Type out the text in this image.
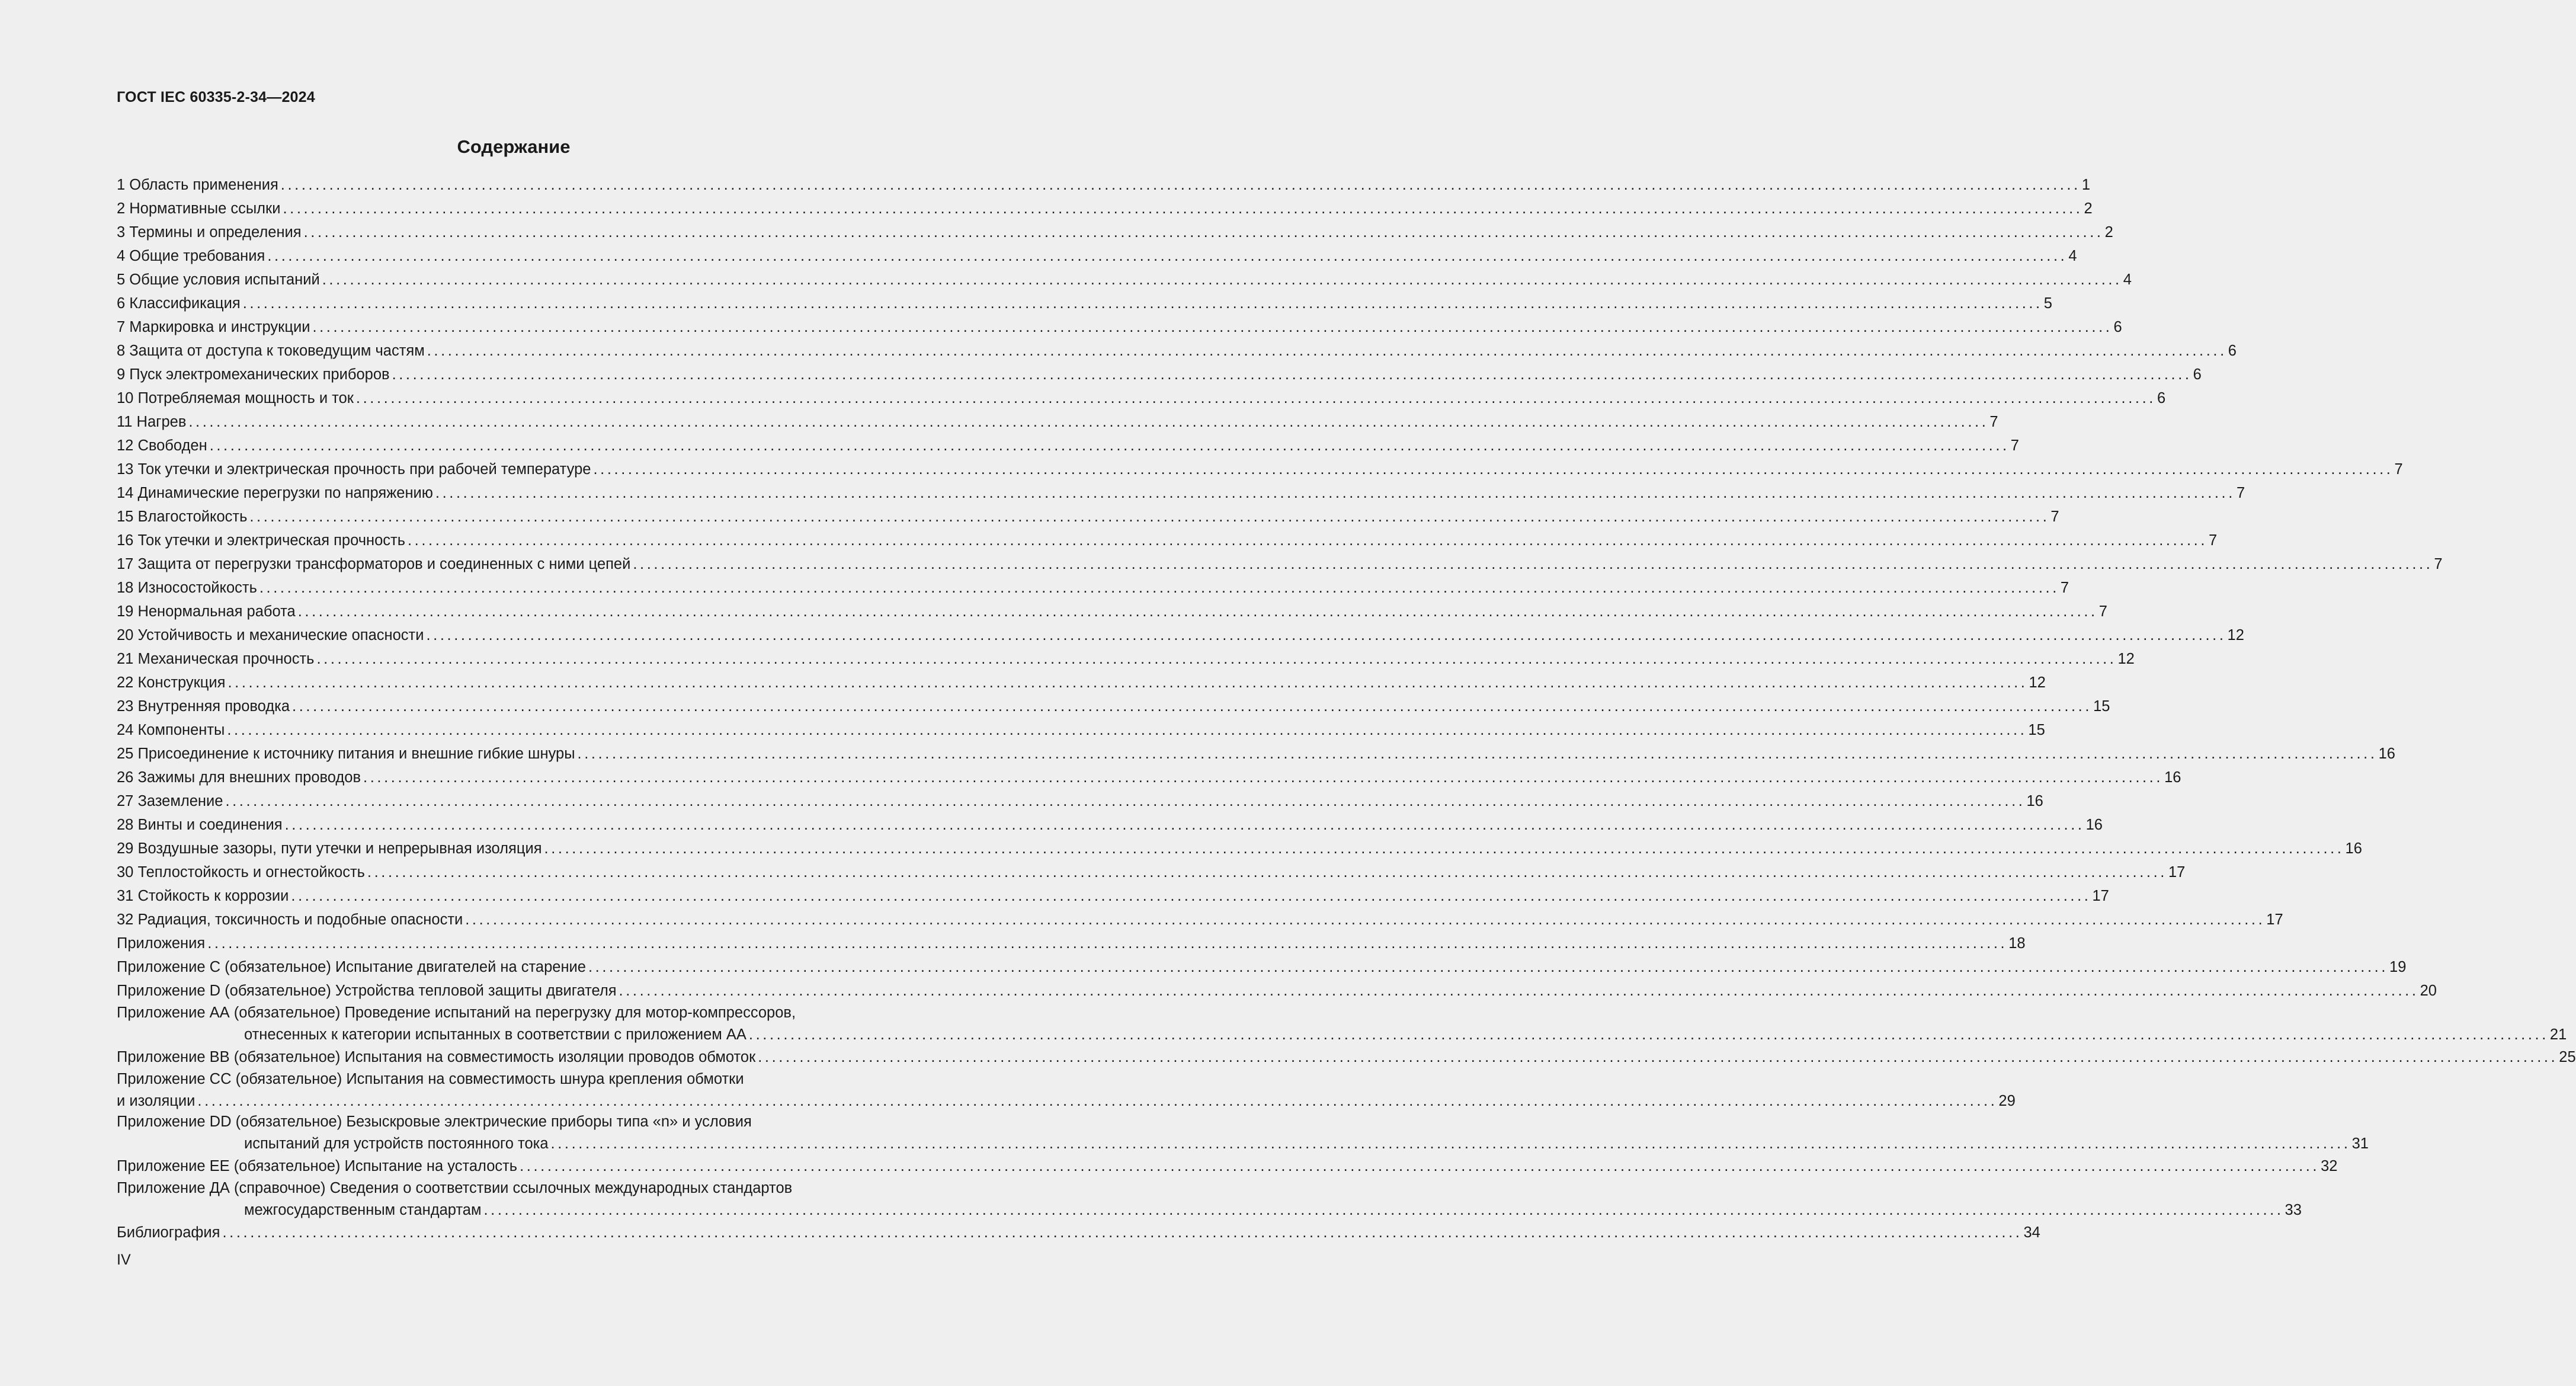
ГОСТ IEC 60335-2-34—2024
Содержание
1 Область применения .................................................................................................................................................................................................................................................................... 1
2 Нормативные ссылки .................................................................................................................................................................................................................................................................... 2
3 Термины и определения .................................................................................................................................................................................................................................................................... 2
4 Общие требования .................................................................................................................................................................................................................................................................... 4
5 Общие условия испытаний .................................................................................................................................................................................................................................................................... 4
6 Классификация .................................................................................................................................................................................................................................................................... 5
7 Маркировка и инструкции .................................................................................................................................................................................................................................................................... 6
8 Защита от доступа к токоведущим частям .................................................................................................................................................................................................................................................................... 6
9 Пуск электромеханических приборов .................................................................................................................................................................................................................................................................... 6
10 Потребляемая мощность и ток .................................................................................................................................................................................................................................................................... 6
11 Нагрев .................................................................................................................................................................................................................................................................... 7
12 Свободен .................................................................................................................................................................................................................................................................... 7
13 Ток утечки и электрическая прочность при рабочей температуре .................................................................................................................................................................................................................................................................... 7
14 Динамические перегрузки по напряжению .................................................................................................................................................................................................................................................................... 7
15 Влагостойкость .................................................................................................................................................................................................................................................................... 7
16 Ток утечки и электрическая прочность .................................................................................................................................................................................................................................................................... 7
17 Защита от перегрузки трансформаторов и соединенных с ними цепей .................................................................................................................................................................................................................................................................... 7
18 Износостойкость .................................................................................................................................................................................................................................................................... 7
19 Ненормальная работа .................................................................................................................................................................................................................................................................... 7
20 Устойчивость и механические опасности .................................................................................................................................................................................................................................................................... 12
21 Механическая прочность .................................................................................................................................................................................................................................................................... 12
22 Конструкция .................................................................................................................................................................................................................................................................... 12
23 Внутренняя проводка .................................................................................................................................................................................................................................................................... 15
24 Компоненты .................................................................................................................................................................................................................................................................... 15
25 Присоединение к источнику питания и внешние гибкие шнуры .................................................................................................................................................................................................................................................................... 16
26 Зажимы для внешних проводов .................................................................................................................................................................................................................................................................... 16
27 Заземление .................................................................................................................................................................................................................................................................... 16
28 Винты и соединения .................................................................................................................................................................................................................................................................... 16
29 Воздушные зазоры, пути утечки и непрерывная изоляция .................................................................................................................................................................................................................................................................... 16
30 Теплостойкость и огнестойкость .................................................................................................................................................................................................................................................................... 17
31 Стойкость к коррозии .................................................................................................................................................................................................................................................................... 17
32 Радиация, токсичность и подобные опасности .................................................................................................................................................................................................................................................................... 17
Приложения .................................................................................................................................................................................................................................................................... 18
Приложение С (обязательное) Испытание двигателей на старение .................................................................................................................................................................................................................................................................... 19
Приложение D (обязательное) Устройства тепловой защиты двигателя .................................................................................................................................................................................................................................................................... 20
Приложение АА (обязательное) Проведение испытаний на перегрузку для мотор-компрессоров,
отнесенных к категории испытанных в соответствии с приложением АА .................................................................................................................................................................................................................................................................... 21
Приложение ВВ (обязательное) Испытания на совместимость изоляции проводов обмоток .................................................................................................................................................................................................................................................................... 25
Приложение СС (обязательное) Испытания на совместимость шнура крепления обмотки
и изоляции .................................................................................................................................................................................................................................................................... 29
Приложение DD (обязательное) Безыскровые электрические приборы типа «n» и условия
испытаний для устройств постоянного тока .................................................................................................................................................................................................................................................................... 31
Приложение ЕЕ (обязательное) Испытание на усталость .................................................................................................................................................................................................................................................................... 32
Приложение ДА (справочное) Сведения о соответствии ссылочных международных стандартов
межгосударственным стандартам .................................................................................................................................................................................................................................................................... 33
Библиография .................................................................................................................................................................................................................................................................... 34
IV
